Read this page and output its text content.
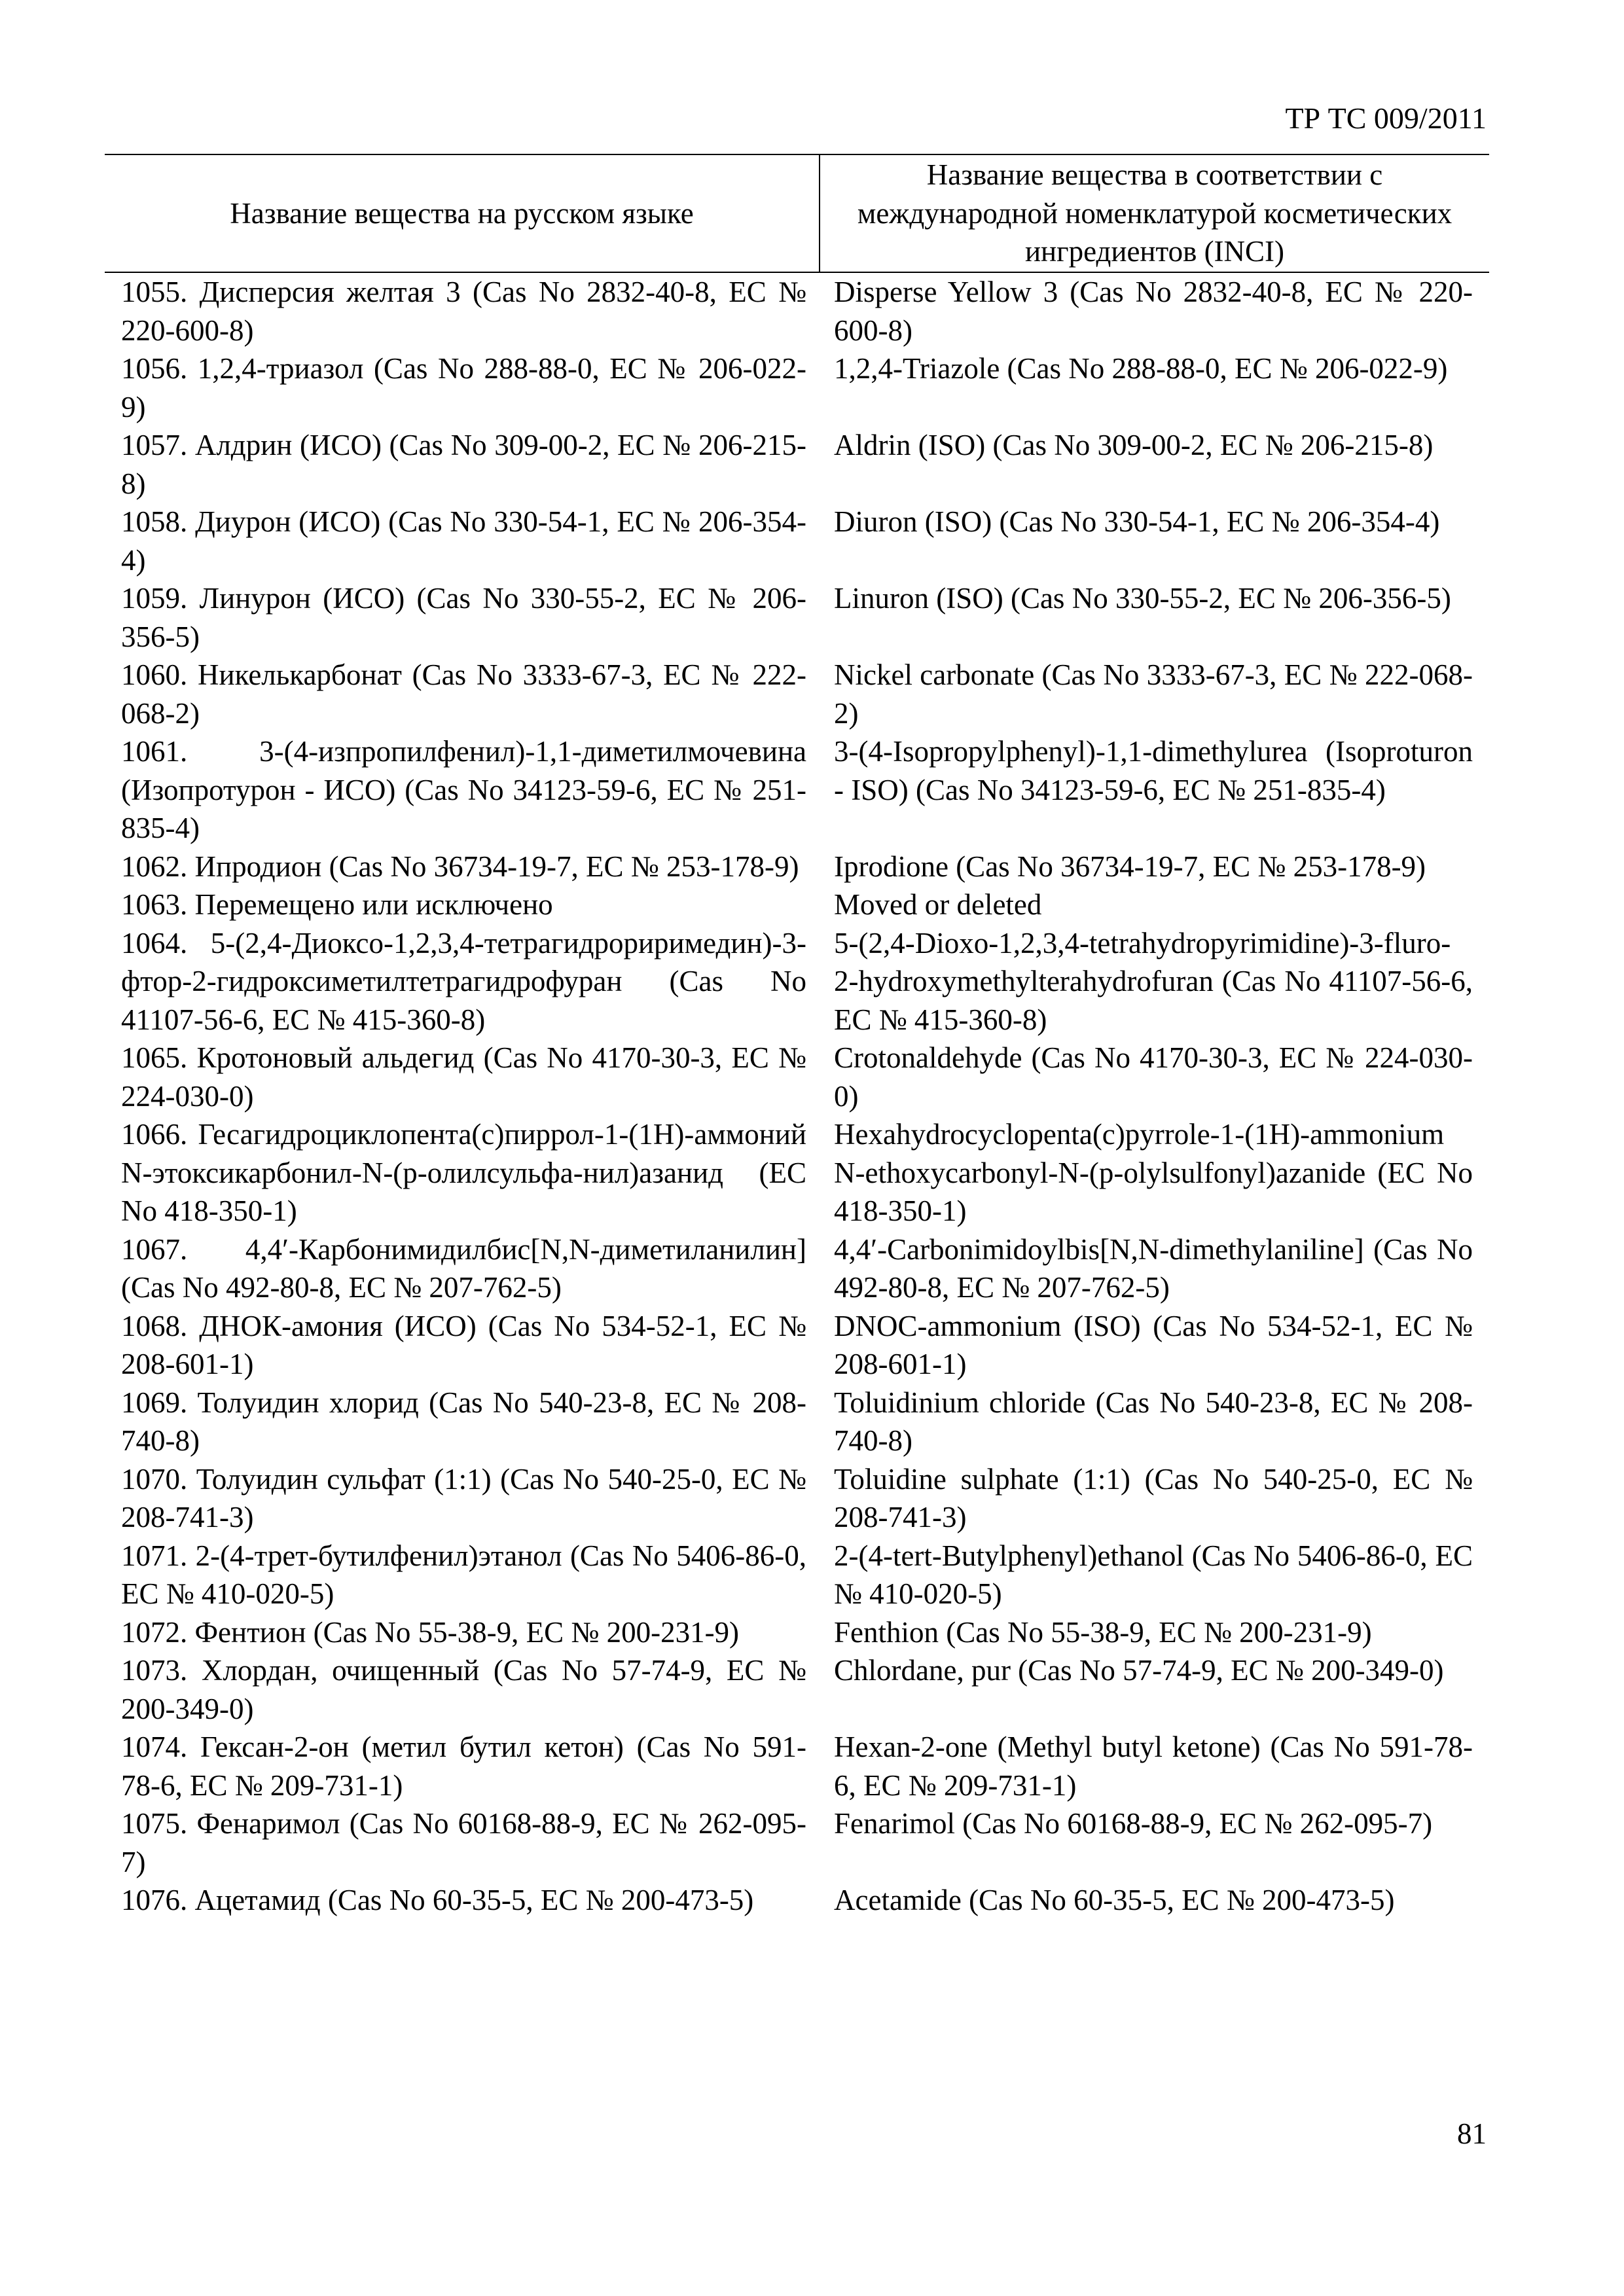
ТР ТС 009/2011
Название вещества на русском языке	Название вещества в соответствии с международной номенклатурой косметических ингредиентов (INCI)
1055. Дисперсия желтая 3 (Cas No 2832-40-8, ЕС № 220-600-8)	Disperse Yellow 3 (Cas No 2832-40-8, ЕС № 220-600-8)
1056. 1,2,4-триазол (Cas No 288-88-0, ЕС № 206-022-9)	1,2,4-Triazole (Cas No 288-88-0, ЕС № 206-022-9)
1057. Алдрин (ИСО) (Cas No 309-00-2, ЕС № 206-215-8)	Aldrin (ISO) (Cas No 309-00-2, ЕС № 206-215-8)
1058. Диурон (ИСО) (Cas No 330-54-1, ЕС № 206-354-4)	Diuron (ISO) (Cas No 330-54-1, ЕС № 206-354-4)
1059. Линурон (ИСО) (Cas No 330-55-2, ЕС № 206-356-5)	Linuron (ISO) (Cas No 330-55-2, ЕС № 206-356-5)
1060. Никелькарбонат (Cas No 3333-67-3, ЕС № 222-068-2)	Nickel carbonate (Cas No 3333-67-3, ЕС № 222-068-2)
1061. 3-(4-изпропилфенил)-1,1-диметилмочевина (Изопротурон - ИСО) (Cas No 34123-59-6, ЕС № 251-835-4)	3-(4-Isopropylphenyl)-1,1-dimethylurea (Isoproturon - ISO) (Cas No 34123-59-6, ЕС № 251-835-4)
1062. Ипродион (Cas No 36734-19-7, ЕС № 253-178-9)	Iprodione (Cas No 36734-19-7, ЕС № 253-178-9)
1063. Перемещено или исключено	Moved or deleted
1064. 5-(2,4-Диоксо-1,2,3,4-тетрагидрориримедин)-3-фтор-2-гидроксиметилтетрагидрофуран (Cas No 41107-56-6, ЕС № 415-360-8)	5-(2,4-Dioxo-1,2,3,4-tetrahydropyrimidine)-3-fluro-2-hydroxymethylterahydrofuran (Cas No 41107-56-6, ЕС № 415-360-8)
1065. Кротоновый альдегид (Cas No 4170-30-3, ЕС № 224-030-0)	Crotonaldehyde (Cas No 4170-30-3, ЕС № 224-030-0)
1066. Гесагидроциклопента(с)пиррол-1-(1Н)-аммоний N-этоксикарбонил-N-(р-олилсульфа-нил)азанид (ЕС No 418-350-1)	Hexahydrocyclopenta(c)pyrrole-1-(1H)-ammonium N-ethoxycarbonyl-N-(p-olylsulfonyl)azanide (ЕС No 418-350-1)
1067. 4,4′-Карбонимидилбис[N,N-диметиланилин] (Cas No 492-80-8, ЕС № 207-762-5)	4,4′-Carbonimidoylbis[N,N-dimethylaniline] (Cas No 492-80-8, ЕС № 207-762-5)
1068. ДНОК-амония (ИСО) (Cas No 534-52-1, ЕС № 208-601-1)	DNOC-ammonium (ISO) (Cas No 534-52-1, ЕС № 208-601-1)
1069. Толуидин хлорид (Cas No 540-23-8, ЕС № 208-740-8)	Toluidinium chloride (Cas No 540-23-8, ЕС № 208-740-8)
1070. Толуидин сульфат (1:1) (Cas No 540-25-0, ЕС № 208-741-3)	Toluidine sulphate (1:1) (Cas No 540-25-0, ЕС № 208-741-3)
1071. 2-(4-трет-бутилфенил)этанол (Cas No 5406-86-0, ЕС № 410-020-5)	2-(4-tert-Butylphenyl)ethanol (Cas No 5406-86-0, ЕС № 410-020-5)
1072. Фентион (Cas No 55-38-9, ЕС № 200-231-9)	Fenthion (Cas No 55-38-9, ЕС № 200-231-9)
1073. Хлордан, очищенный (Cas No 57-74-9, ЕС № 200-349-0)	Chlordane, pur (Cas No 57-74-9, ЕС № 200-349-0)
1074. Гексан-2-он (метил бутил кетон) (Cas No 591-78-6, ЕС № 209-731-1)	Hexan-2-one (Methyl butyl ketone) (Cas No 591-78-6, ЕС № 209-731-1)
1075. Фенаримол (Cas No 60168-88-9, ЕС № 262-095-7)	Fenarimol (Cas No 60168-88-9, ЕС № 262-095-7)
1076. Ацетамид (Cas No 60-35-5, ЕС № 200-473-5)	Acetamide (Cas No 60-35-5, ЕС № 200-473-5)
81
